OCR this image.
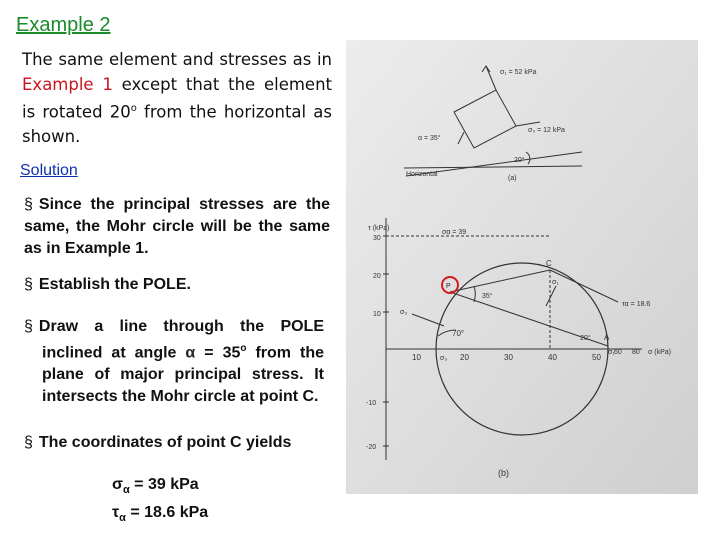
Example 2
The same element and stresses as in Example 1 except that the element is rotated 20$^o$ from the horizontal as shown.
Solution
§ Since the principal stresses are the same, the Mohr circle will be the same as in Example 1.
§ Establish the POLE.
§ Draw a line through the POLE inclined at angle $\alpha = 35^o$ from the plane of major principal stress. It intersects the Mohr circle at point C.
§ The coordinates of point C yields
$\sigma_\alpha = 39$ kPa
$\tau_\alpha = 18.6$ kPa
σ₁ = 52 kPa
σ₃ = 12 kPa
α = 35°
20°
Horizontal
(a)
P
τ (kPa)
30
20
10
-10
-20
10	20	30	40	50
60 80 σ (kPa)
σ₃
σ₁
σα = 39
τα = 18.6
C
A
35°
70°
20°
σ₁
σ₃
(b)
